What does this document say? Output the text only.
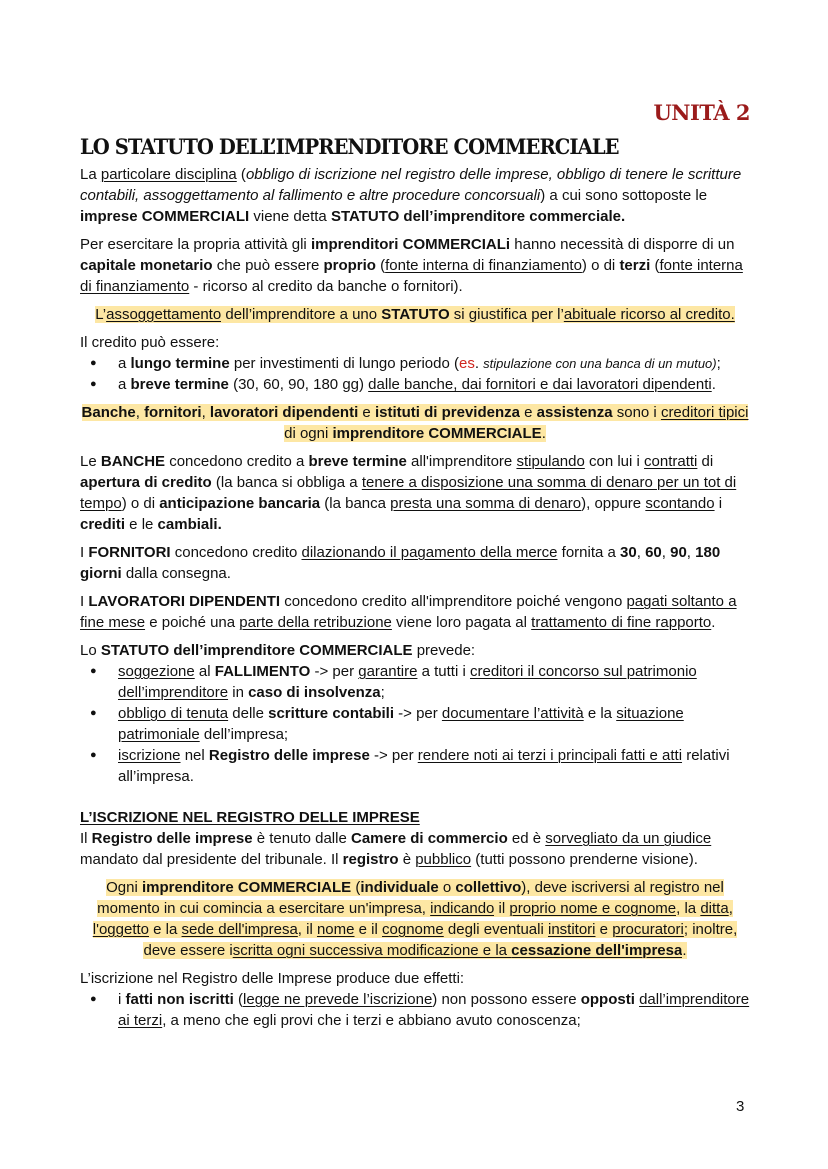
UNITÀ 2
LO STATUTO DELL’IMPRENDITORE COMMERCIALE

La particolare disciplina (obbligo di iscrizione nel registro delle imprese, obbligo di tenere le scritture contabili, assoggettamento al fallimento e altre procedure concorsuali) a cui sono sottoposte le imprese COMMERCIALI viene detta STATUTO dell’imprenditore commerciale.

Per esercitare la propria attività gli imprenditori COMMERCIALi hanno necessità di disporre di un capitale monetario che può essere proprio (fonte interna di finanziamento) o di terzi (fonte interna di finanziamento - ricorso al credito da banche o fornitori).

L’assoggettamento dell’imprenditore a uno STATUTO si giustifica per l’abituale ricorso al credito.

Il credito può essere:

● a lungo termine per investimenti di lungo periodo (es. stipulazione con una banca di un mutuo);
● a breve termine (30, 60, 90, 180 gg) dalle banche, dai fornitori e dai lavoratori dipendenti.

Banche, fornitori, lavoratori dipendenti e istituti di previdenza e assistenza sono i creditori tipici di ogni imprenditore COMMERCIALE.

Le BANCHE concedono credito a breve termine all'imprenditore stipulando con lui i contratti di apertura di credito (la banca si obbliga a tenere a disposizione una somma di denaro per un tot di tempo) o di anticipazione bancaria (la banca presta una somma di denaro), oppure scontando i crediti e le cambiali.

I FORNITORI concedono credito dilazionando il pagamento della merce fornita a 30, 60, 90, 180 giorni dalla consegna.

I LAVORATORI DIPENDENTI concedono credito all'imprenditore poiché vengono pagati soltanto a fine mese e poiché una parte della retribuzione viene loro pagata al trattamento di fine rapporto.

Lo STATUTO dell’imprenditore COMMERCIALE prevede:

● soggezione al FALLIMENTO -> per garantire a tutti i creditori il concorso sul patrimonio dell’imprenditore in caso di insolvenza;
● obbligo di tenuta delle scritture contabili -> per documentare l’attività e la situazione patrimoniale dell’impresa;
● iscrizione nel Registro delle imprese -> per rendere noti ai terzi i principali fatti e atti relativi all’impresa.

L’ISCRIZIONE NEL REGISTRO DELLE IMPRESE

Il Registro delle imprese è tenuto dalle Camere di commercio ed è sorvegliato da un giudice mandato dal presidente del tribunale. Il registro è pubblico (tutti possono prenderne visione).

Ogni imprenditore COMMERCIALE (individuale o collettivo), deve iscriversi al registro nel momento in cui comincia a esercitare un'impresa, indicando il proprio nome e cognome, la ditta, l'oggetto e la sede dell'impresa, il nome e il cognome degli eventuali institori e procuratori; inoltre, deve essere iscritta ogni successiva modificazione e la cessazione dell'impresa.

L’iscrizione nel Registro delle Imprese produce due effetti:

● i fatti non iscritti (legge ne prevede l’iscrizione) non possono essere opposti dall’imprenditore ai terzi, a meno che egli provi che i terzi e abbiano avuto conoscenza;
3
